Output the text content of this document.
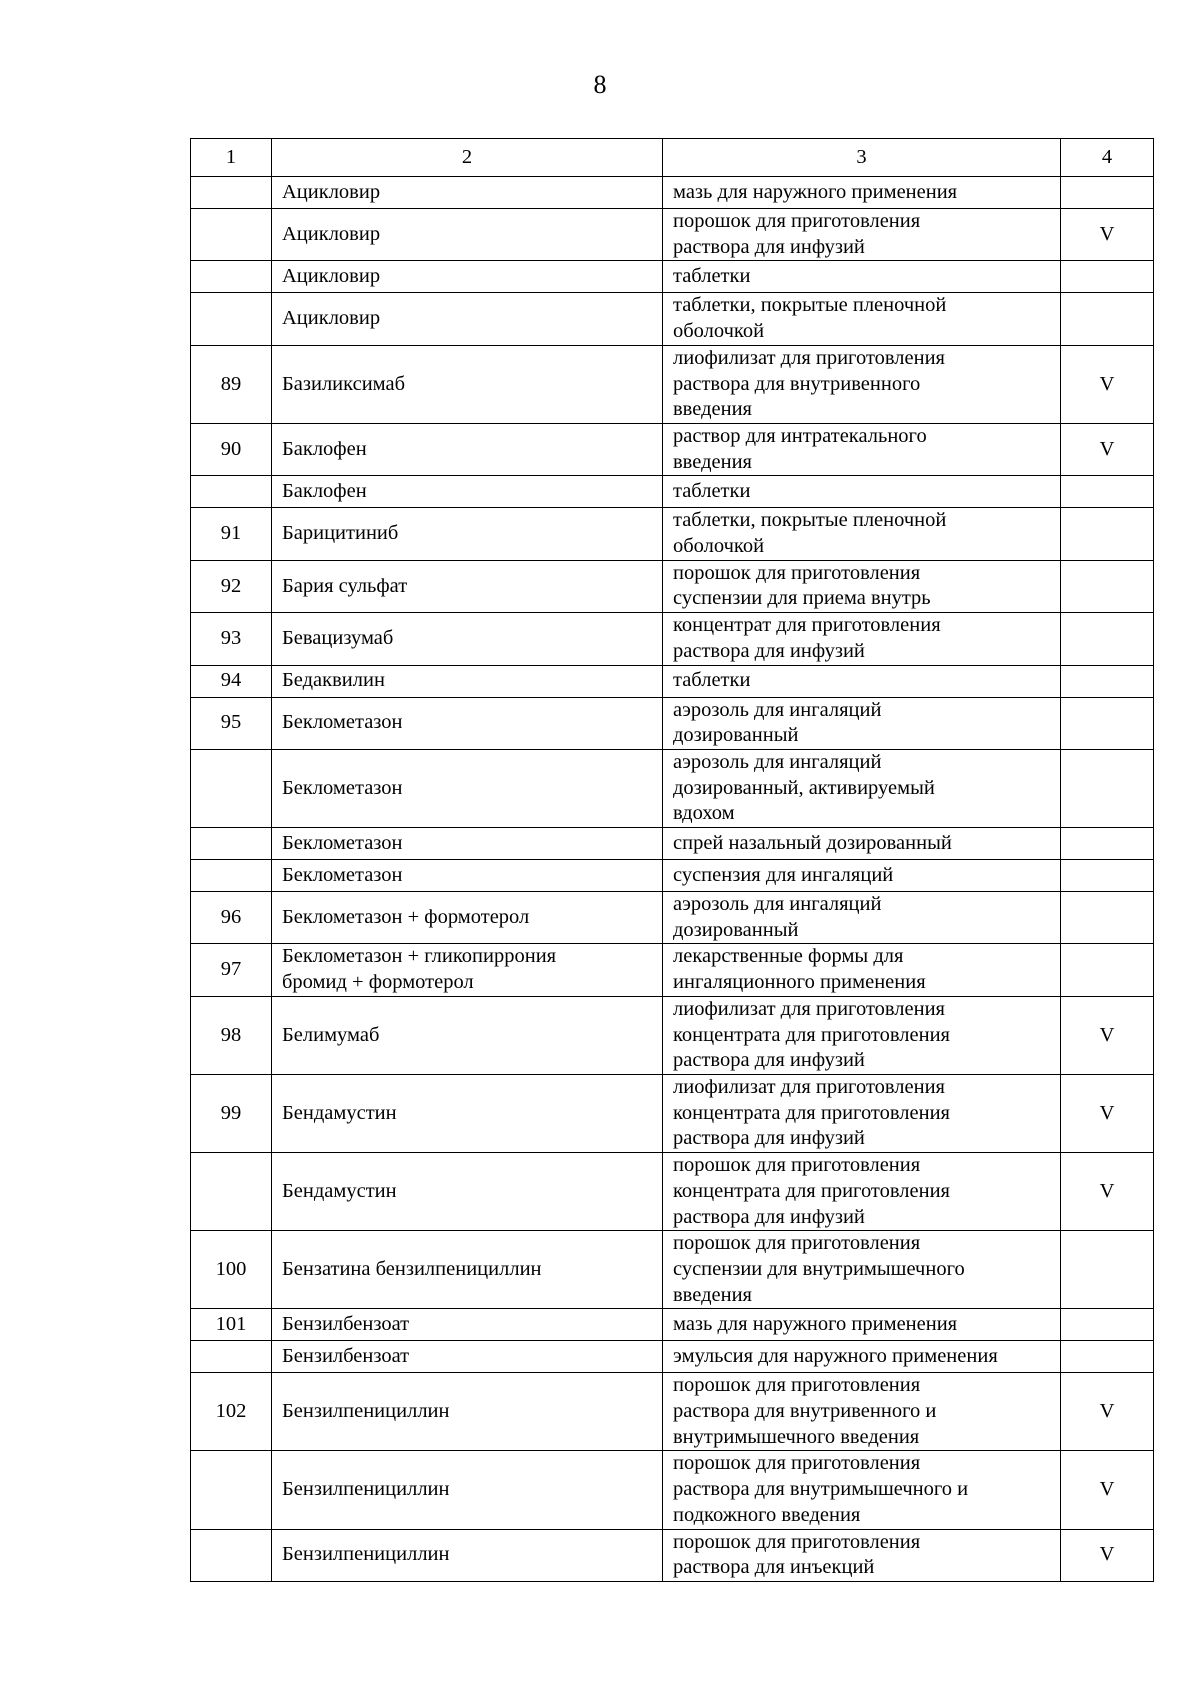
8
1	2	3	4
	Ацикловир	мазь для наружного применения	
	Ацикловир	порошок для приготовления
раствора для инфузий	V
	Ацикловир	таблетки	
	Ацикловир	таблетки, покрытые пленочной
оболочкой	
89	Базиликсимаб	лиофилизат для приготовления
раствора для внутривенного
введения	V
90	Баклофен	раствор для интратекального
введения	V
	Баклофен	таблетки	
91	Барицитиниб	таблетки, покрытые пленочной
оболочкой	
92	Бария сульфат	порошок для приготовления
суспензии для приема внутрь	
93	Бевацизумаб	концентрат для приготовления
раствора для инфузий	
94	Бедаквилин	таблетки	
95	Беклометазон	аэрозоль для ингаляций
дозированный	
	Беклометазон	аэрозоль для ингаляций
дозированный, активируемый
вдохом	
	Беклометазон	спрей назальный дозированный	
	Беклометазон	суспензия для ингаляций	
96	Беклометазон + формотерол	аэрозоль для ингаляций
дозированный	
97	Беклометазон + гликопиррония
бромид + формотерол	лекарственные формы для
ингаляционного применения	
98	Белимумаб	лиофилизат для приготовления
концентрата для приготовления
раствора для инфузий	V
99	Бендамустин	лиофилизат для приготовления
концентрата для приготовления
раствора для инфузий	V
	Бендамустин	порошок для приготовления
концентрата для приготовления
раствора для инфузий	V
100	Бензатина бензилпенициллин	порошок для приготовления
суспензии для внутримышечного
введения	
101	Бензилбензоат	мазь для наружного применения	
	Бензилбензоат	эмульсия для наружного применения	
102	Бензилпенициллин	порошок для приготовления
раствора для внутривенного и
внутримышечного введения	V
	Бензилпенициллин	порошок для приготовления
раствора для внутримышечного и
подкожного введения	V
	Бензилпенициллин	порошок для приготовления
раствора для инъекций	V
